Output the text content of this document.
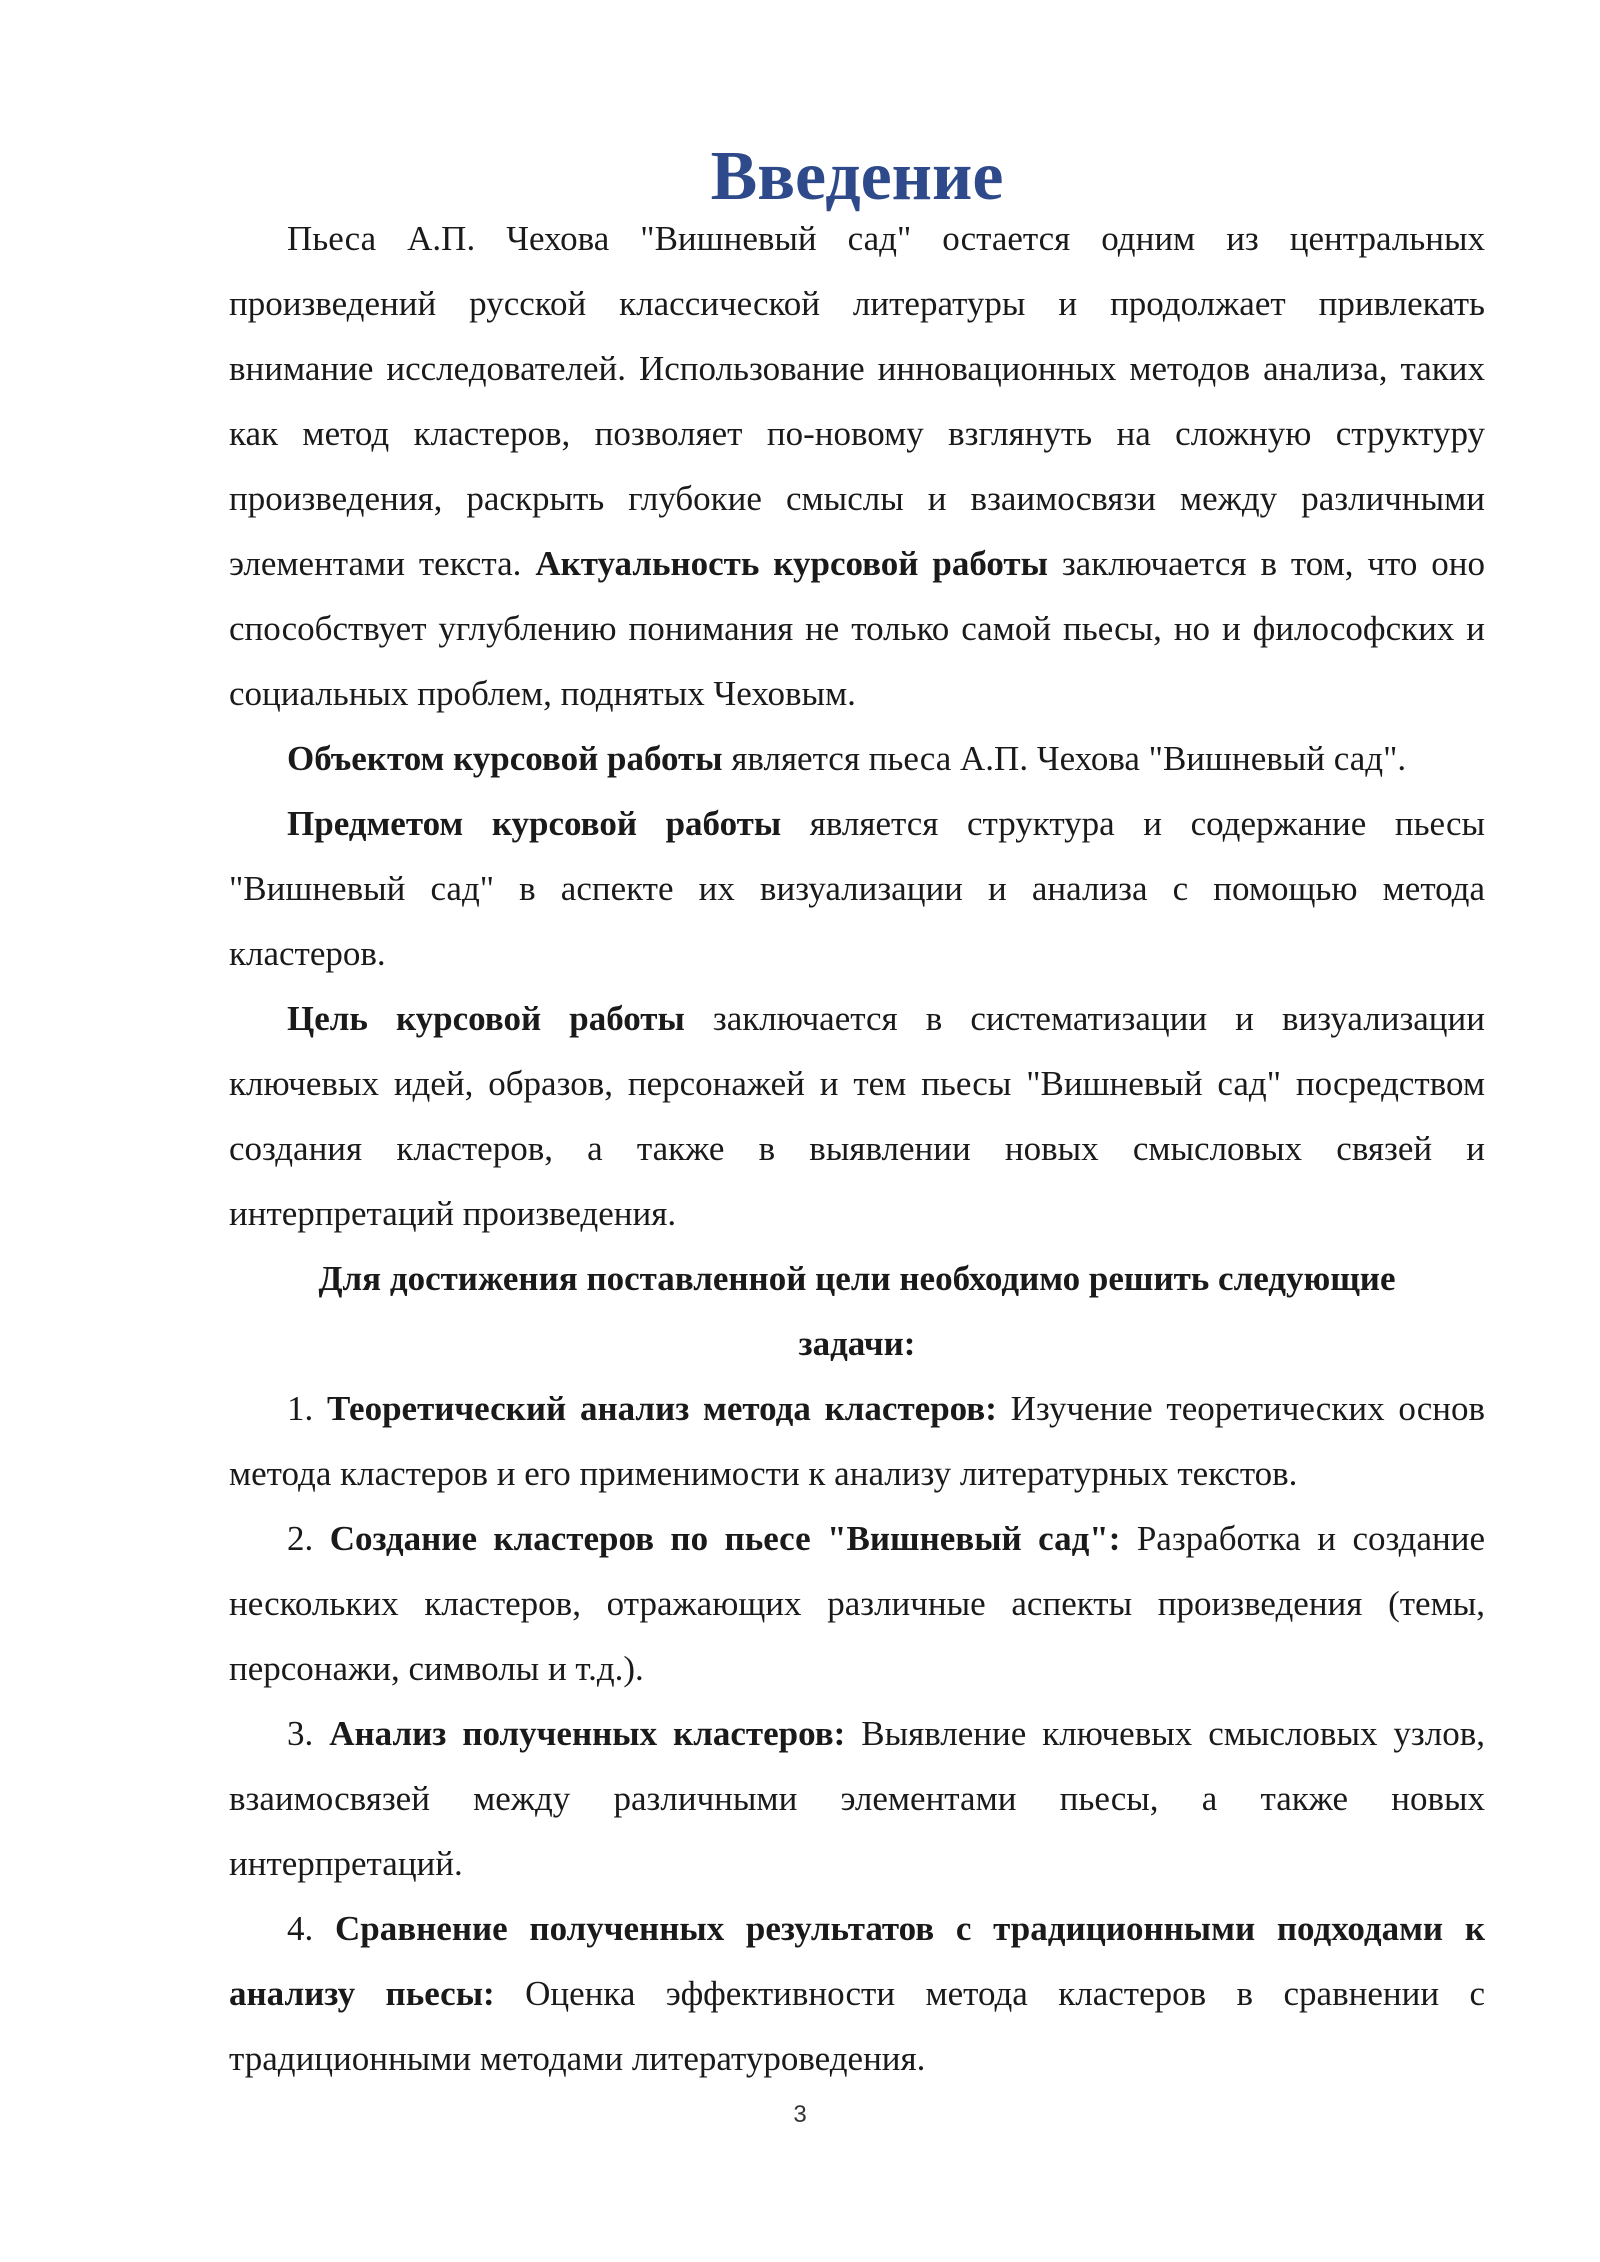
Введение

Пьеса А.П. Чехова "Вишневый сад" остается одним из центральных произведений русской классической литературы и продолжает привлекать внимание исследователей. Использование инновационных методов анализа, таких как метод кластеров, позволяет по-новому взглянуть на сложную структуру произведения, раскрыть глубокие смыслы и взаимосвязи между различными элементами текста. Актуальность курсовой работы заключается в том, что оно способствует углублению понимания не только самой пьесы, но и философских и социальных проблем, поднятых Чеховым.

Объектом курсовой работы является пьеса А.П. Чехова "Вишневый сад".

Предметом курсовой работы является структура и содержание пьесы "Вишневый сад" в аспекте их визуализации и анализа с помощью метода кластеров.

Цель курсовой работы заключается в систематизации и визуализации ключевых идей, образов, персонажей и тем пьесы "Вишневый сад" посредством создания кластеров, а также в выявлении новых смысловых связей и интерпретаций произведения.

Для достижения поставленной цели необходимо решить следующие задачи:

1. Теоретический анализ метода кластеров: Изучение теоретических основ метода кластеров и его применимости к анализу литературных текстов.

2. Создание кластеров по пьесе "Вишневый сад": Разработка и создание нескольких кластеров, отражающих различные аспекты произведения (темы, персонажи, символы и т.д.).

3. Анализ полученных кластеров: Выявление ключевых смысловых узлов, взаимосвязей между различными элементами пьесы, а также новых интерпретаций.

4. Сравнение полученных результатов с традиционными подходами к анализу пьесы: Оценка эффективности метода кластеров в сравнении с традиционными методами литературоведения.

3
